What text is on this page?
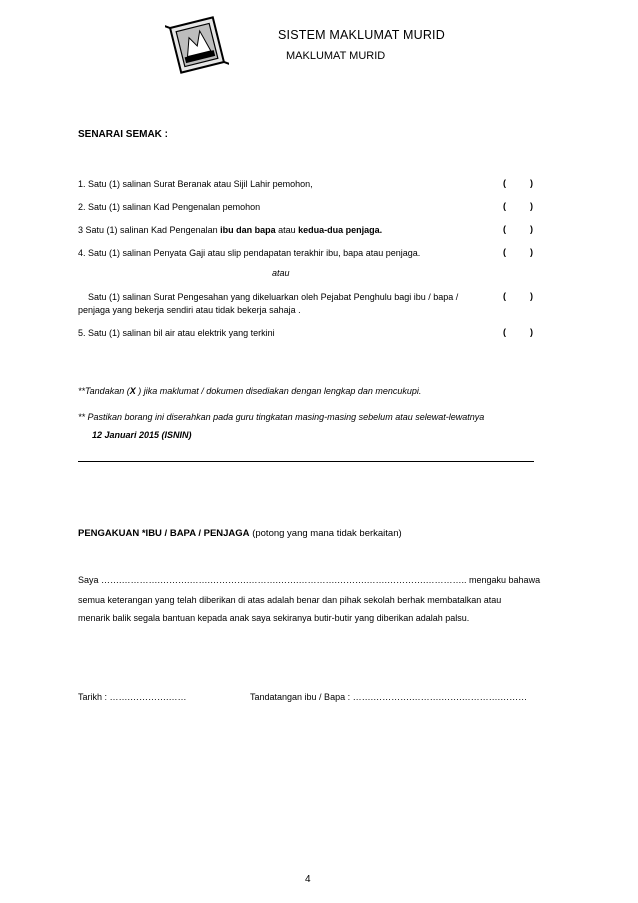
SISTEM MAKLUMAT MURID
MAKLUMAT MURID
SENARAI SEMAK :
1. Satu (1) salinan Surat Beranak atau Sijil Lahir pemohon,	(	)
2. Satu (1) salinan Kad Pengenalan pemohon	(	)
3 Satu (1) salinan Kad Pengenalan ibu dan bapa atau kedua-dua penjaga.	(	)
4. Satu (1) salinan Penyata Gaji atau slip pendapatan terakhir ibu, bapa atau penjaga.	(	)
atau
Satu (1) salinan Surat Pengesahan yang dikeluarkan oleh Pejabat Penghulu bagi ibu / bapa /
penjaga yang bekerja sendiri atau tidak bekerja sahaja .
(	)
5. Satu (1) salinan bil air atau elektrik yang terkini	(	)
**Tandakan (X ) jika maklumat / dokumen disediakan dengan lengkap dan mencukupi.
** Pastikan borang ini diserahkan pada guru tingkatan masing-masing sebelum atau selewat-lewatnya
12 Januari 2015 (ISNIN)
PENGAKUAN *IBU / BAPA / PENJAGA (potong yang mana tidak berkaitan)
Saya …….………….……….…….………….……….…….………….……….…….………….………….. mengaku bahawa
semua keterangan yang telah diberikan di atas adalah benar dan pihak sekolah berhak membatalkan atau
menarik balik segala bantuan kepada anak saya sekiranya butir-butir yang diberikan adalah palsu.
Tarikh : …….………….……	Tandatangan ibu / Bapa : …….………….……….…….………….………
4
